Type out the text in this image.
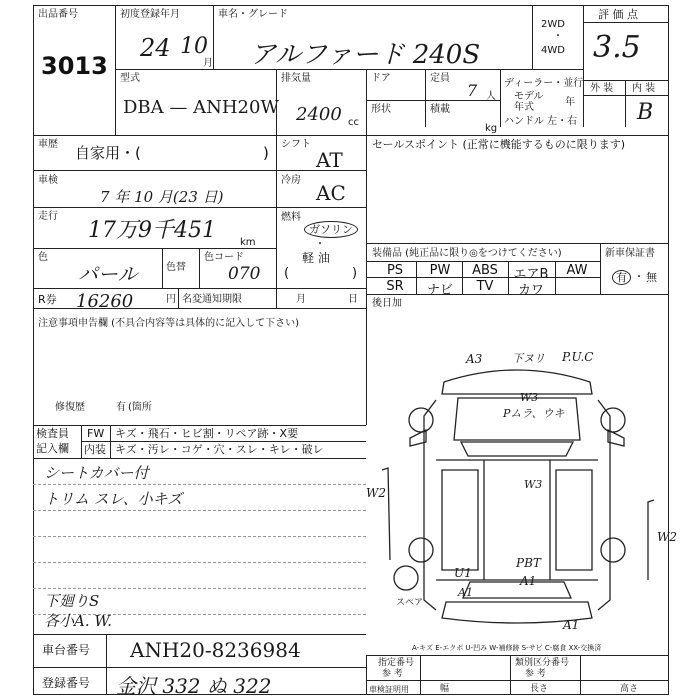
出品番号
3013
初度登録年月
24 10
月
車名・グレード
アルファード 240S
2WD
・
4WD
評 価 点
3.5
外 装 内 装
B
型式
DBA — ANH20W
排気量
2400 cc
ドア	定員
7 人
形状	積載
kg
ディーラー・並行
モデル
年式	年
ハンドル 左・右
車歴 自家用・(	) シフト
AT
車検
7 年 10 月(23 日)
冷房
AC
走行
17万9千451 km
燃料
ガソリン
・
軽 油
(	)
色
パール	色替
色コード
070
R券 16260	円 名変通知期限	月	日
注意事項申告欄 (不具合内容等は具体的に記入して下さい)
修復歴	有 (箇所
セールスポイント (正常に機能するものに限ります)
装備品 (純正品に限り◎をつけてください)	新車保証書
有 ・ 無
PS	PW	ABS	エアB	AW
SR	ナビ	TV	カワ
後日加
検査員
記入欄
FW キズ・飛石・ヒビ割・リペア跡・X要
内装 キズ・汚レ・コゲ・穴・スレ・キレ・破レ
シートカバー付
トリム スレ、小キズ
下廻りS
各小A. W.
A3	下ヌリ P.U.C
W3
Pムラ、ウキ
W3
W2
W2
PBT
A1
U1
A1
A1
スペア
A-キズ E-エクボ U-凹み W-補修跡 S-サビ C-腐食 XX-交換済
車台番号 ANH20-8236984
登録番号 金沢 332 ぬ 322
指定番号
参 考
類別区分番号
参 考
車検証明用	幅	長さ	高さ
